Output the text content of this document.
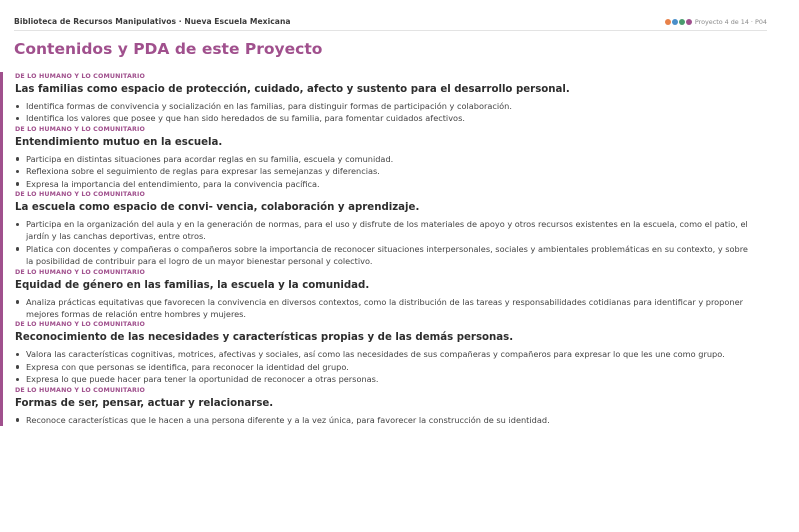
Biblioteca de Recursos Manipulativos · Nueva Escuela Mexicana	Proyecto 4 de 14 · P04
Contenidos y PDA de este Proyecto
DE LO HUMANO Y LO COMUNITARIO
Las familias como espacio de protección, cuidado, afecto y sustento para el desarrollo personal.
Identifica formas de convivencia y socialización en las familias, para distinguir formas de participación y colaboración.
Identifica los valores que posee y que han sido heredados de su familia, para fomentar cuidados afectivos.
DE LO HUMANO Y LO COMUNITARIO
Entendimiento mutuo en la escuela.
Participa en distintas situaciones para acordar reglas en su familia, escuela y comunidad.
Reflexiona sobre el seguimiento de reglas para expresar las semejanzas y diferencias.
Expresa la importancia del entendimiento, para la convivencia pacífica.
DE LO HUMANO Y LO COMUNITARIO
La escuela como espacio de convi- vencia, colaboración y aprendizaje.
Participa en la organización del aula y en la generación de normas, para el uso y disfrute de los materiales de apoyo y otros recursos existentes en la escuela, como el patio, el jardín y las canchas deportivas, entre otros.
Platica con docentes y compañeras o compañeros sobre la importancia de reconocer situaciones interpersonales, sociales y ambientales problemáticas en su contexto, y sobre la posibilidad de contribuir para el logro de un mayor bienestar personal y colectivo.
DE LO HUMANO Y LO COMUNITARIO
Equidad de género en las familias, la escuela y la comunidad.
Analiza prácticas equitativas que favorecen la convivencia en diversos contextos, como la distribución de las tareas y responsabilidades cotidianas para identificar y proponer mejores formas de relación entre hombres y mujeres.
DE LO HUMANO Y LO COMUNITARIO
Reconocimiento de las necesidades y características propias y de las demás personas.
Valora las características cognitivas, motrices, afectivas y sociales, así como las necesidades de sus compañeras y compañeros para expresar lo que les une como grupo.
Expresa con que personas se identifica, para reconocer la identidad del grupo.
Expresa lo que puede hacer para tener la oportunidad de reconocer a otras personas.
DE LO HUMANO Y LO COMUNITARIO
Formas de ser, pensar, actuar y relacionarse.
Reconoce características que le hacen a una persona diferente y a la vez única, para favorecer la construcción de su identidad.
